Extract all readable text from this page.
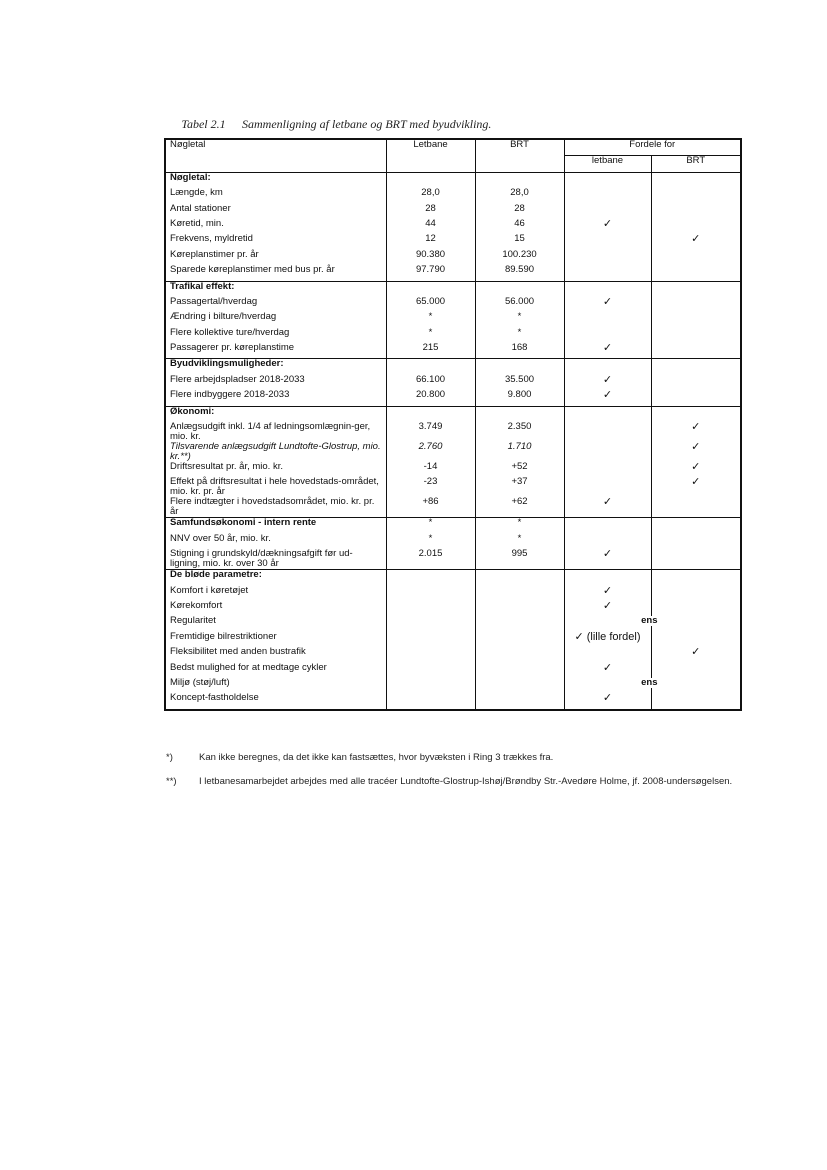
Tabel 2.1 Sammenligning af letbane og BRT med byudvikling.
Nøgletal	Letbane	BRT	Fordele for	
			letbane	BRT
Nøgletal:				
Længde, km	28,0	28,0		
Antal stationer	28	28		
Køretid, min.	44	46	✓	
Frekvens, myldretid	12	15		✓
Køreplanstimer pr. år	90.380	100.230		
Sparede køreplanstimer med bus pr. år	97.790	89.590		
Trafikal effekt:				
Passagertal/hverdag	65.000	56.000	✓	
Ændring i bilture/hverdag	*	*		
Flere kollektive ture/hverdag	*	*		
Passagerer pr. køreplanstime	215	168	✓	
Byudviklingsmuligheder:				
Flere arbejdspladser 2018-2033	66.100	35.500	✓	
Flere indbyggere 2018-2033	20.800	9.800	✓	
Økonomi:				
Anlægsudgift inkl. 1/4 af ledningsomlægnin-ger, mio. kr.	3.749	2.350		✓
Tilsvarende anlægsudgift Lundtofte-Glostrup, mio. kr.**)	2.760	1.710		✓
Driftsresultat pr. år, mio. kr.	-14	+52		✓
Effekt på driftsresultat i hele hovedstads-området, mio. kr. pr. år	-23	+37		✓
Flere indtægter i hovedstadsområdet, mio. kr. pr. år	+86	+62	✓	
Samfundsøkonomi - intern rente	*	*		
NNV over 50 år, mio. kr.	*	*		
Stigning i grundskyld/dækningsafgift før ud-ligning, mio. kr. over 30 år	2.015	995	✓	
De bløde parametre:				
Komfort i køretøjet			✓	
Kørekomfort			✓	
Regularitet			ens	

Fremtidige bilrestriktioner			✓ (lille fordel)	
Fleksibilitet med anden bustrafik				✓
Bedst mulighed for at medtage cykler			✓	
Miljø (støj/luft)			ens	

Koncept-fastholdelse			✓	
*)	Kan ikke beregnes, da det ikke kan fastsættes, hvor byvæksten i Ring 3 trækkes fra.
**) I letbanesamarbejdet arbejdes med alle tracéer Lundtofte-Glostrup-Ishøj/Brøndby Str.-Avedøre Holme, jf. 2008-undersøgelsen.
